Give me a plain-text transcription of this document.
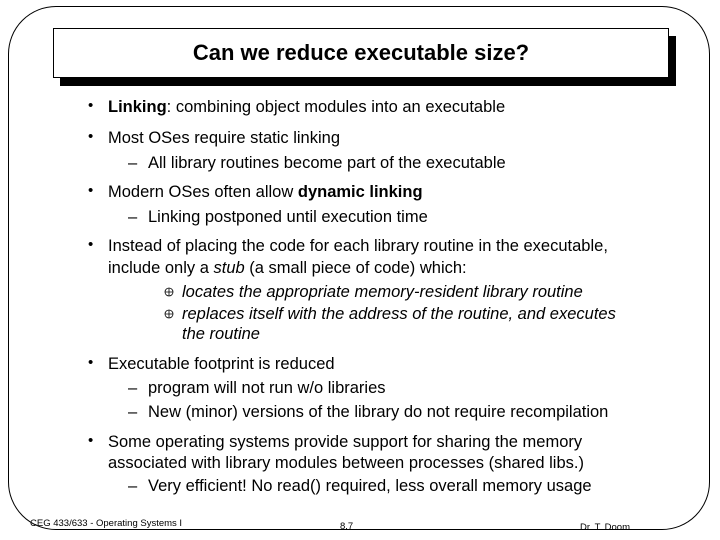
Can we reduce executable size?
• Linking: combining object modules into an executable
• Most OSes require static linking
– All library routines become part of the executable
• Modern OSes often allow dynamic linking
– Linking postponed until execution time
• Instead of placing the code for each library routine in the executable,
include only a stub (a small piece of code) which:
locates the appropriate memory-resident library routine
replaces itself with the address of the routine, and executes
the routine
• Executable footprint is reduced
– program will not run w/o libraries
– New (minor) versions of the library do not require recompilation
• Some operating systems provide support for sharing the memory
associated with library modules between processes (shared libs.)
– Very efficient! No read() required, less overall memory usage
CEG 433/633 - Operating Systems I	8.7	Dr. T. Doom
